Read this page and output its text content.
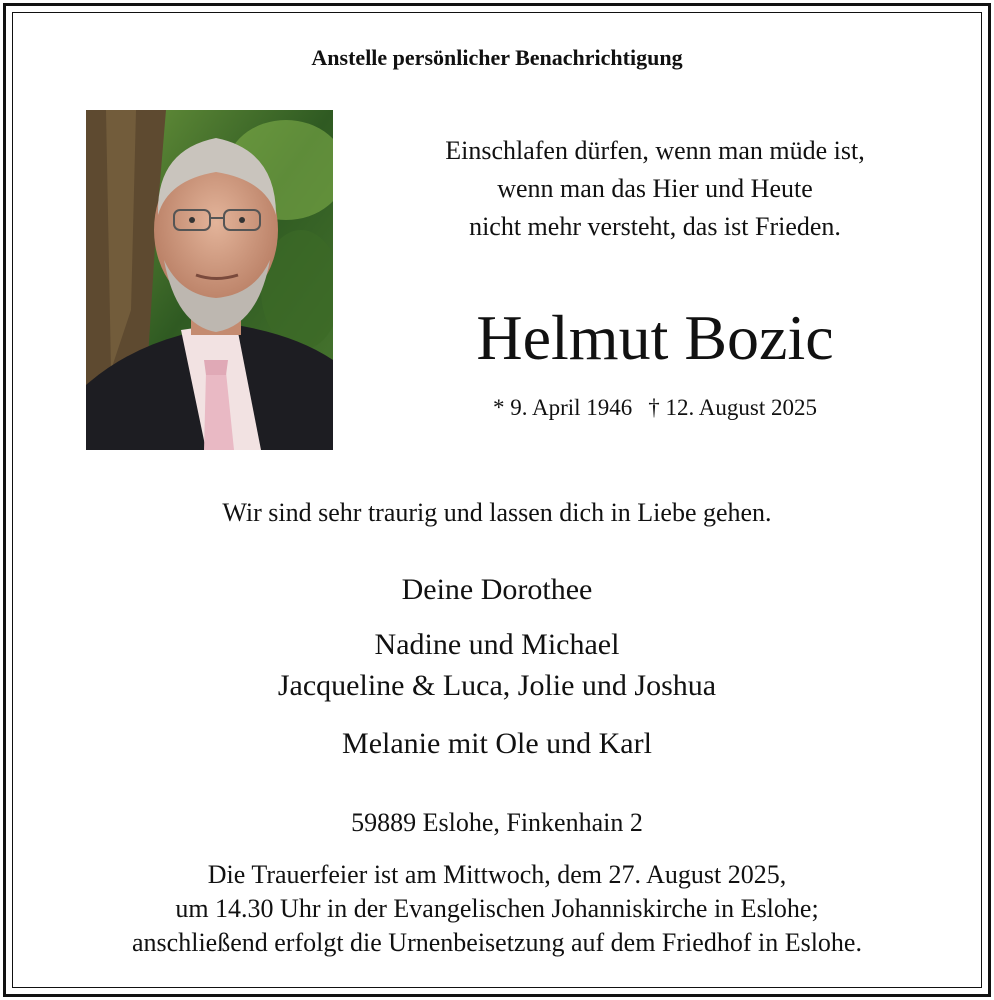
Anstelle persönlicher Benachrichtigung
Einschlafen dürfen, wenn man müde ist,
wenn man das Hier und Heute
nicht mehr versteht, das ist Frieden.
Helmut Bozic
* 9. April 1946 † 12. August 2025
Wir sind sehr traurig und lassen dich in Liebe gehen.
Deine Dorothee
Nadine und Michael
Jacqueline & Luca, Jolie und Joshua
Melanie mit Ole und Karl
59889 Eslohe, Finkenhain 2
Die Trauerfeier ist am Mittwoch, dem 27. August 2025,
um 14.30 Uhr in der Evangelischen Johanniskirche in Eslohe;
anschließend erfolgt die Urnenbeisetzung auf dem Friedhof in Eslohe.
